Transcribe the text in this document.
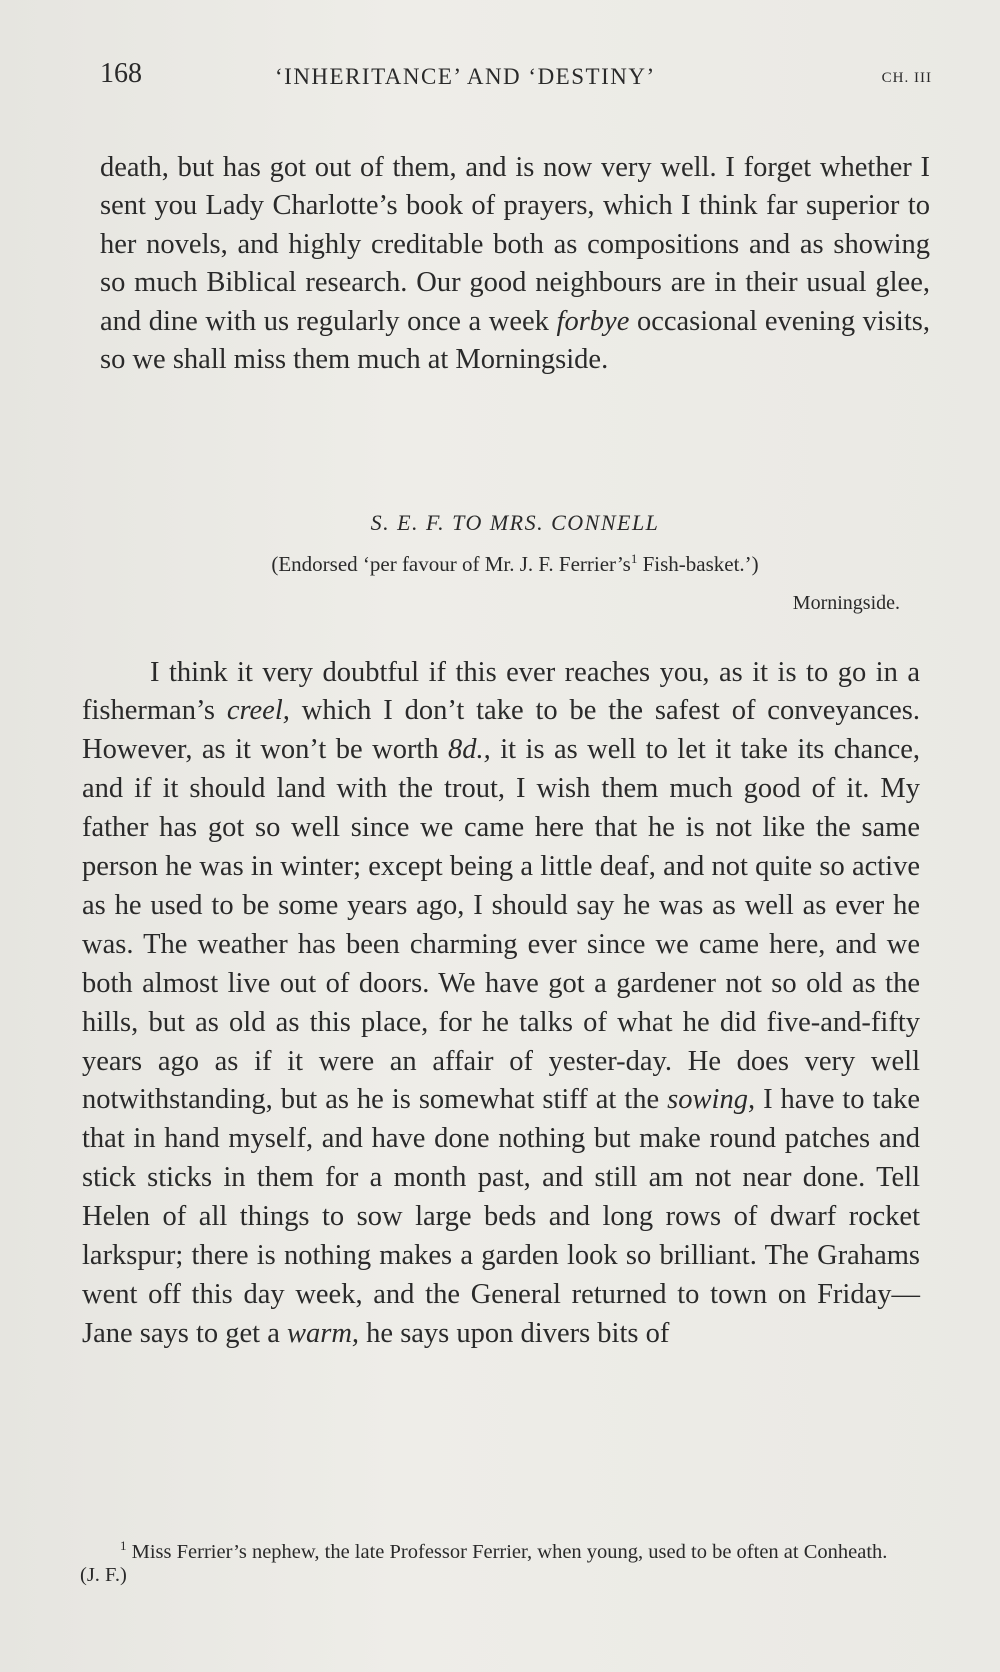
168	‘INHERITANCE’ AND ‘DESTINY’	CH. III

death, but has got out of them, and is now very well. I forget whether I sent you Lady Charlotte’s book of prayers, which I think far superior to her novels, and highly creditable both as compositions and as showing so much Biblical research. Our good neighbours are in their usual glee, and dine with us regularly once a week forbye occasional evening visits, so we shall miss them much at Morningside.

S. E. F. TO MRS. CONNELL
(Endorsed ‘per favour of Mr. J. F. Ferrier’s$^1$ Fish-basket.’)
Morningside.

I think it very doubtful if this ever reaches you, as it is to go in a fisherman’s creel, which I don’t take to be the safest of conveyances. However, as it won’t be worth 8d., it is as well to let it take its chance, and if it should land with the trout, I wish them much good of it. My father has got so well since we came here that he is not like the same person he was in winter; except being a little deaf, and not quite so active as he used to be some years ago, I should say he was as well as ever he was. The weather has been charming ever since we came here, and we both almost live out of doors. We have got a gardener not so old as the hills, but as old as this place, for he talks of what he did five-and-fifty years ago as if it were an affair of yester-day. He does very well notwithstanding, but as he is somewhat stiff at the sowing, I have to take that in hand myself, and have done nothing but make round patches and stick sticks in them for a month past, and still am not near done. Tell Helen of all things to sow large beds and long rows of dwarf rocket larkspur; there is nothing makes a garden look so brilliant. The Grahams went off this day week, and the General returned to town on Friday—Jane says to get a warm, he says upon divers bits of

$^1$ Miss Ferrier’s nephew, the late Professor Ferrier, when young, used to be often at Conheath. (J. F.)
